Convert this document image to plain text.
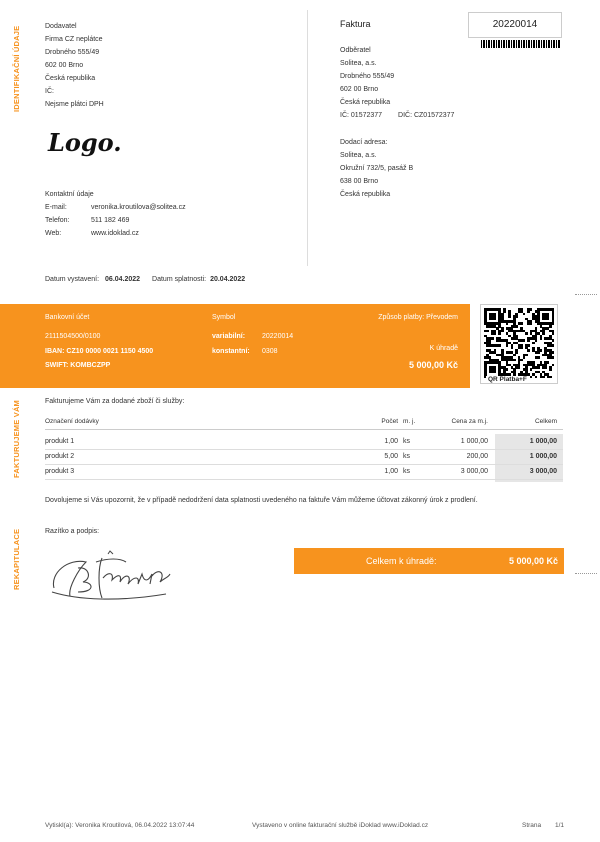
IDENTIFIKAČNÍ ÚDAJE
FAKTURUJEME VÁM
REKAPITULACE
Dodavatel
Firma CZ neplátce
Drobného 555/49
602 00 Brno
Česká republika
IČ:
Nejsme plátci DPH
Logo.
Kontaktní údaje
E-mail:	veronika.kroutilova@solitea.cz
Telefon:	511 182 469
Web:	www.idoklad.cz
Faktura	20220014
Odběratel
Solitea, a.s.
Drobného 555/49
602 00 Brno
Česká republika
IČ: 01572377 DIČ: CZ01572377
Dodací adresa:
Solitea, a.s.
Okružní 732/5, pasáž B
638 00 Brno
Česká republika
Datum vystavení: 06.04.2022 Datum splatnosti: 20.04.2022
Bankovní účet
2111504500/0100
IBAN: CZ10 0000 0021 1150 4500
SWIFT: KOMBCZPP
Symbol
variabilní: 20220014
konstantní: 0308
Způsob platby: Převodem
K úhradě
5 000,00 Kč
QR Platba+F
Fakturujeme Vám za dodané zboží či služby:
Označení dodávky	Počet m. j.	Cena za m.j.	Celkem
produkt 1	1,00 ks	1 000,00	1 000,00
produkt 2	5,00 ks	200,00	1 000,00
produkt 3	1,00 ks	3 000,00	3 000,00
Dovolujeme si Vás upozornit, že v případě nedodržení data splatnosti uvedeného na faktuře Vám můžeme účtovat zákonný úrok z prodlení.
Razítko a podpis:
Celkem k úhradě:	5 000,00 Kč
Vytiskl(a): Veronika Kroutilová, 06.04.2022 13:07:44	Vystaveno v online fakturační službě iDoklad www.iDoklad.cz	Strana 1/1
